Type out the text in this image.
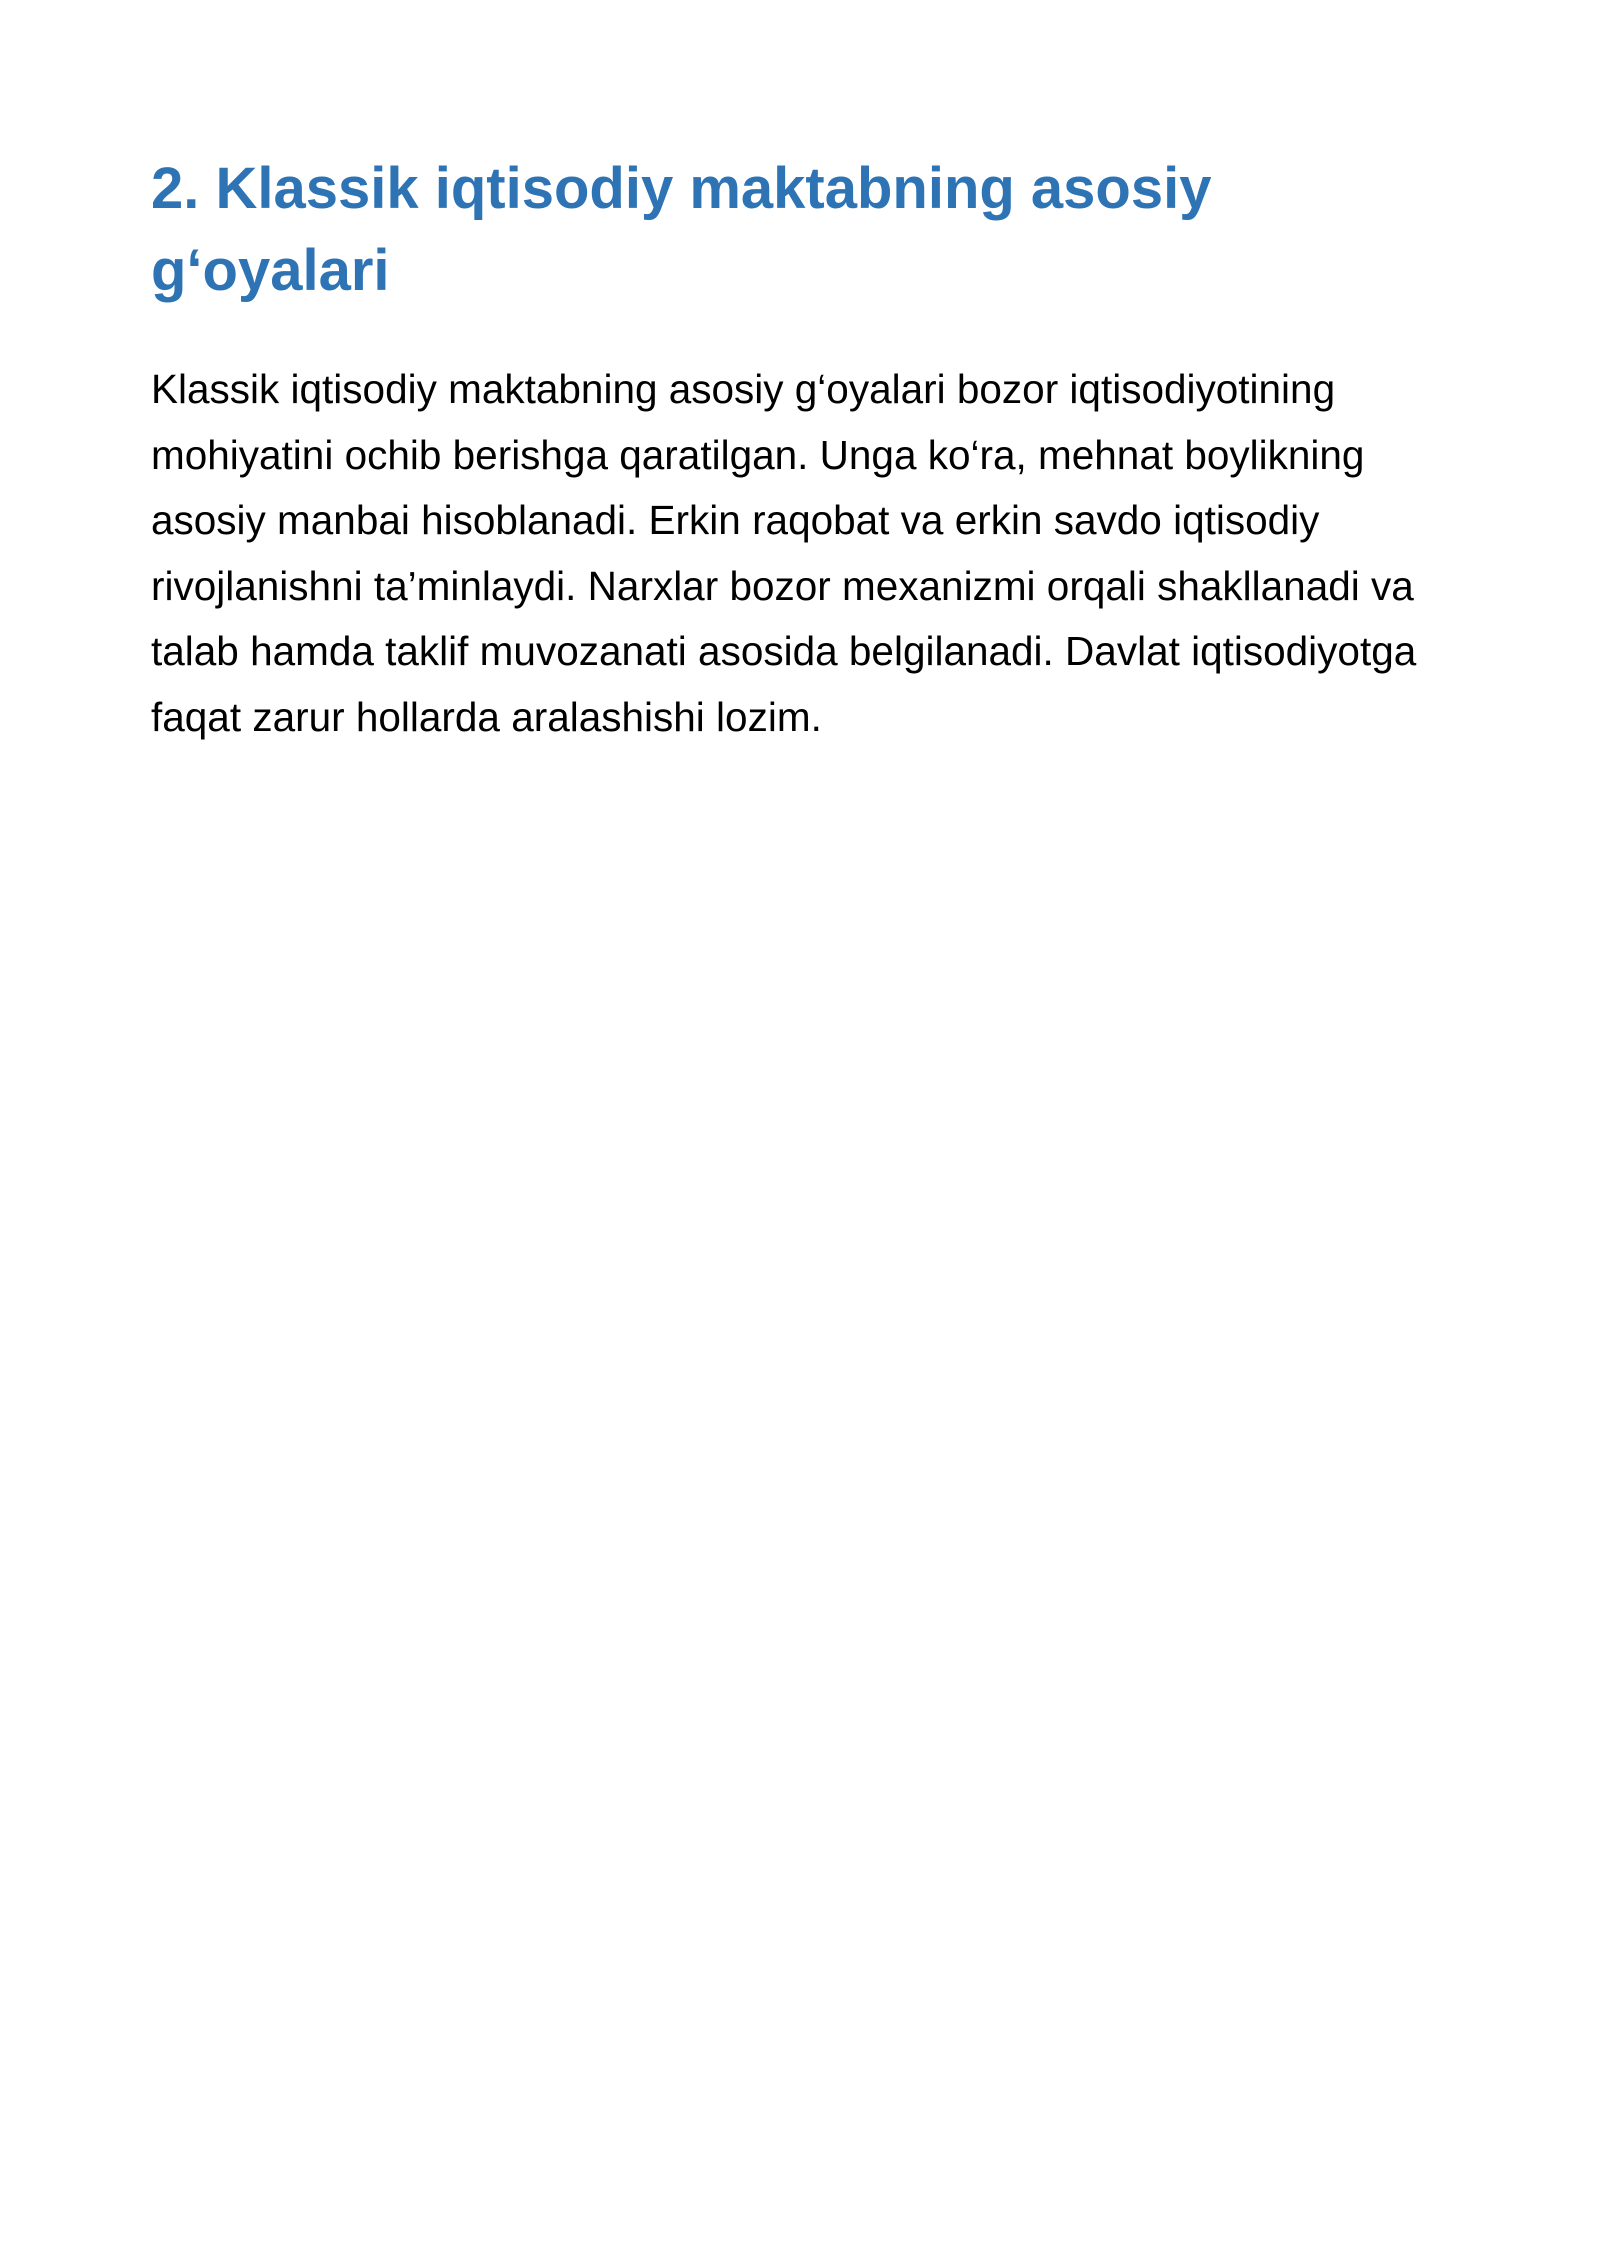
2. Klassik iqtisodiy maktabning asosiy g‘oyalari

Klassik iqtisodiy maktabning asosiy g‘oyalari bozor iqtisodiyotining mohiyatini ochib berishga qaratilgan. Unga ko‘ra, mehnat boylikning asosiy manbai hisoblanadi. Erkin raqobat va erkin savdo iqtisodiy rivojlanishni ta’minlaydi. Narxlar bozor mexanizmi orqali shakllanadi va talab hamda taklif muvozanati asosida belgilanadi. Davlat iqtisodiyotga faqat zarur hollarda aralashishi lozim.
